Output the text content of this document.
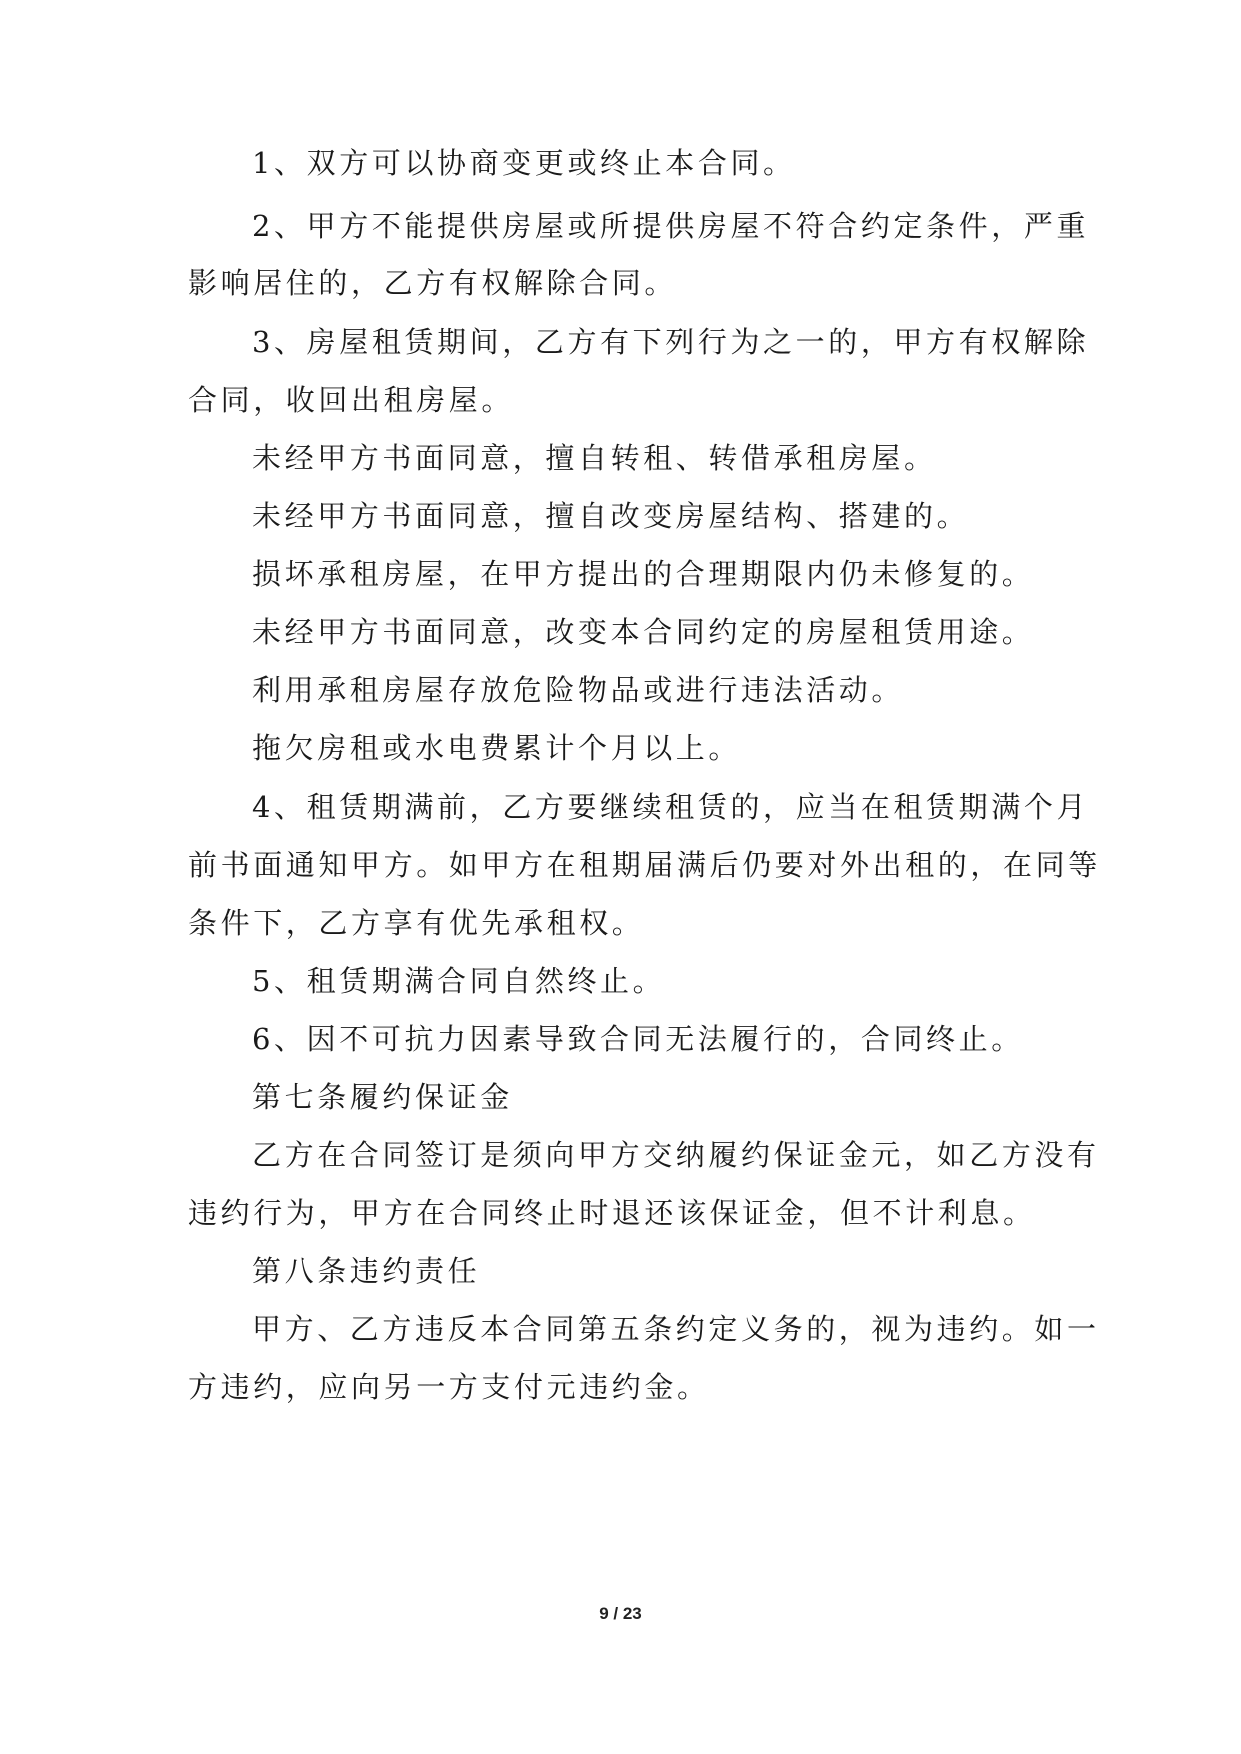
1、双方可以协商变更或终止本合同。
2、甲方不能提供房屋或所提供房屋不符合约定条件，严重
影响居住的，乙方有权解除合同。
3、房屋租赁期间，乙方有下列行为之一的，甲方有权解除
合同，收回出租房屋。
未经甲方书面同意，擅自转租、转借承租房屋。
未经甲方书面同意，擅自改变房屋结构、搭建的。
损坏承租房屋，在甲方提出的合理期限内仍未修复的。
未经甲方书面同意，改变本合同约定的房屋租赁用途。
利用承租房屋存放危险物品或进行违法活动。
拖欠房租或水电费累计个月以上。
4、租赁期满前，乙方要继续租赁的，应当在租赁期满个月
前书面通知甲方。如甲方在租期届满后仍要对外出租的，在同等
条件下，乙方享有优先承租权。
5、租赁期满合同自然终止。
6、因不可抗力因素导致合同无法履行的，合同终止。
第七条履约保证金
乙方在合同签订是须向甲方交纳履约保证金元，如乙方没有
违约行为，甲方在合同终止时退还该保证金，但不计利息。
第八条违约责任
甲方、乙方违反本合同第五条约定义务的，视为违约。如一
方违约，应向另一方支付元违约金。
9 / 23
